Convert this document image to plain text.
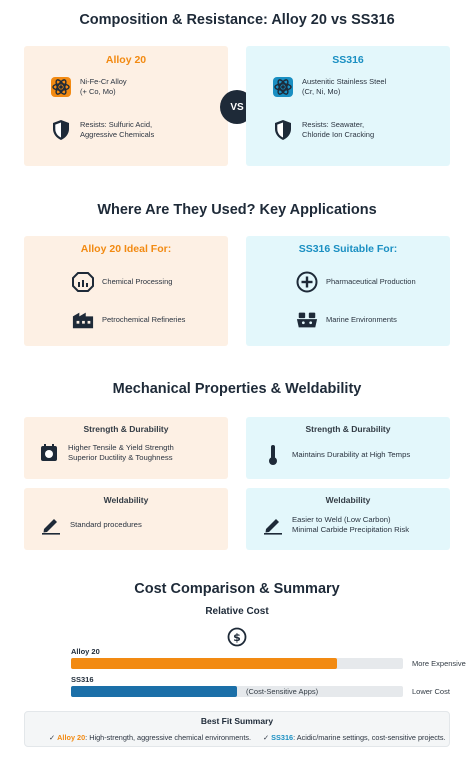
Composition & Resistance: Alloy 20 vs SS316
Alloy 20
Ni-Fe-Cr Alloy
(+ Co, Mo)
Resists: Sulfuric Acid,
Aggressive Chemicals
VS
SS316
Austenitic Stainless Steel
(Cr, Ni, Mo)
Resists: Seawater,
Chloride Ion Cracking
Where Are They Used? Key Applications
Alloy 20 Ideal For:
Chemical Processing
Petrochemical Refineries
SS316 Suitable For:
Pharmaceutical Production
Marine Environments
Mechanical Properties & Weldability
Strength & Durability
Higher Tensile & Yield Strength
Superior Ductility & Toughness
Strength & Durability
Maintains Durability at High Temps
Weldability
Standard procedures
Weldability
Easier to Weld (Low Carbon)
Minimal Carbide Precipitation Risk
Cost Comparison & Summary
Relative Cost
$
Alloy 20
More Expensive
SS316
(Cost-Sensitive Apps)	Lower Cost
Best Fit Summary
✓ Alloy 20: High-strength, aggressive chemical environments. ✓ SS316: Acidic/marine settings, cost-sensitive projects.
